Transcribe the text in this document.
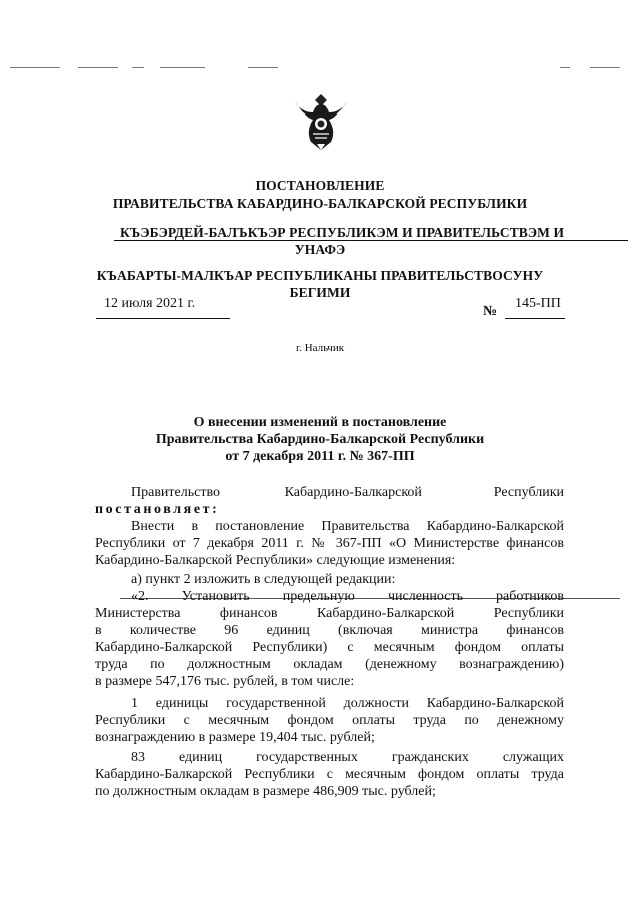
ПОСТАНОВЛЕНИЕ
ПРАВИТЕЛЬСТВА КАБАРДИНО-БАЛКАРСКОЙ РЕСПУБЛИКИ
КЪЭБЭРДЕЙ-БАЛЪКЪЭР РЕСПУБЛИКЭМ И ПРАВИТЕЛЬСТВЭМ И
УНАФЭ
КЪАБАРТЫ-МАЛКЪАР РЕСПУБЛИКАНЫ ПРАВИТЕЛЬСТВОСУНУ
БЕГИМИ
12 июля 2021 г.
№
145-ПП
г. Нальчик
О внесении изменений в постановление
Правительства Кабардино-Балкарской Республики
от 7 декабря 2011 г. № 367-ПП
Правительство                  Кабардино-Балкарской                    Республики
постановляет:
Внести в постановление Правительства Кабардино-Балкарской
Республики от 7 декабря 2011 г. № 367-ПП «О Министерстве финансов
Кабардино-Балкарской Республики» следующие изменения:
а) пункт 2 изложить в следующей редакции:
«2. Установить предельную численность работников
Министерства финансов Кабардино-Балкарской Республики
в количестве 96 единиц (включая министра финансов
Кабардино-Балкарской Республики) с месячным фондом оплаты
труда по должностным окладам (денежному вознаграждению)
в размере 547,176 тыс. рублей, в том числе:
1 единицы государственной должности Кабардино-Балкарской
Республики с месячным фондом оплаты труда по денежному
вознаграждению в размере 19,404 тыс. рублей;
83 единиц государственных гражданских служащих
Кабардино-Балкарской Республики с месячным фондом оплаты труда
по должностным окладам в размере 486,909 тыс. рублей;
